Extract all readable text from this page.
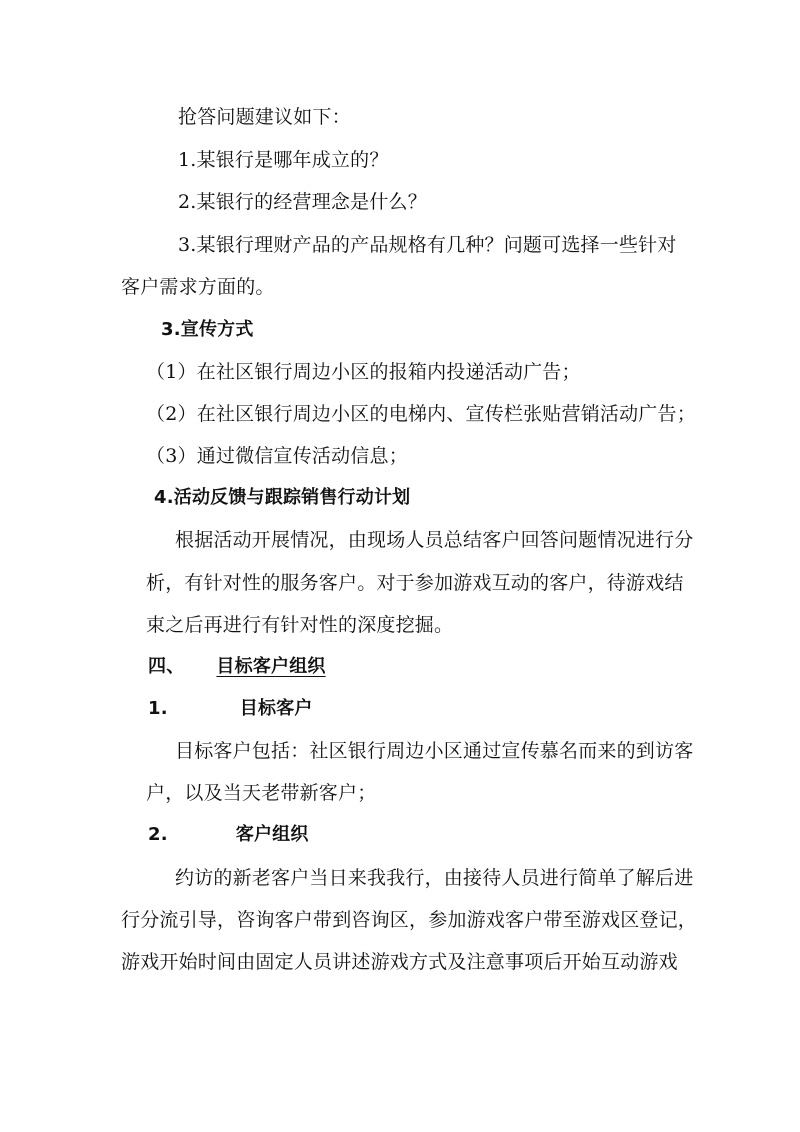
抢答问题建议如下：
1.某银行是哪年成立的？
2.某银行的经营理念是什么？
3.某银行理财产品的产品规格有几种？问题可选择一些针对
客户需求方面的。
3.宣传方式
（1）在社区银行周边小区的报箱内投递活动广告；
（2）在社区银行周边小区的电梯内、宣传栏张贴营销活动广告；
（3）通过微信宣传活动信息；
4.活动反馈与跟踪销售行动计划
根据活动开展情况，由现场人员总结客户回答问题情况进行分
析，有针对性的服务客户。对于参加游戏互动的客户，待游戏结
束之后再进行有针对性的深度挖掘。
四、 目标客户组织
1.	目标客户
目标客户包括：社区银行周边小区通过宣传慕名而来的到访客
户，以及当天老带新客户；
2.	客户组织
约访的新老客户当日来我我行，由接待人员进行简单了解后进
行分流引导，咨询客户带到咨询区，参加游戏客户带至游戏区登记，
游戏开始时间由固定人员讲述游戏方式及注意事项后开始互动游戏
